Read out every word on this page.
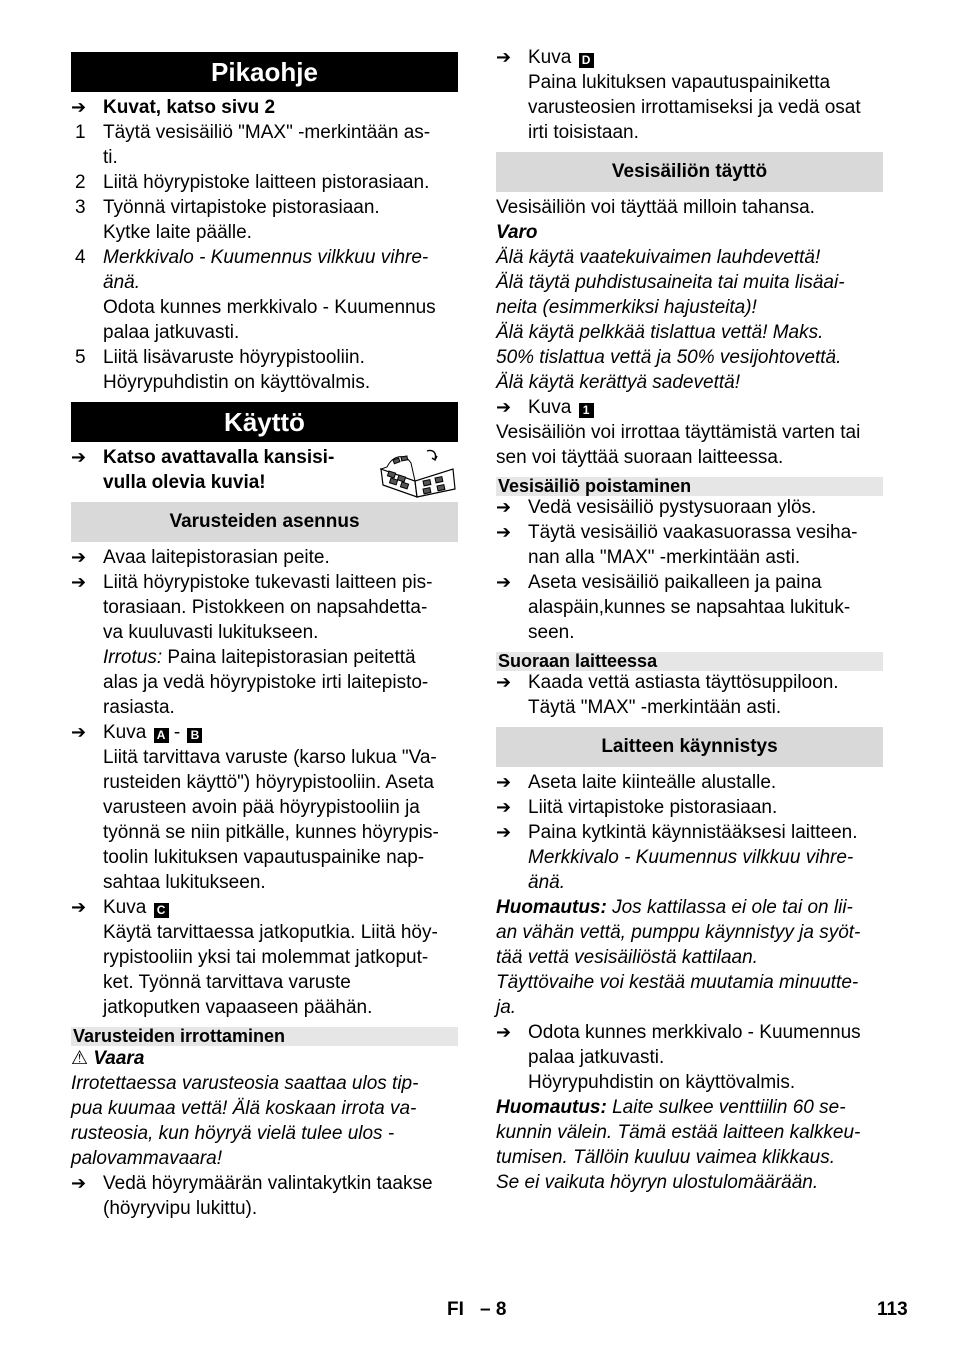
Pikaohje
➔ Kuvat, katso sivu 2
1 Täytä vesisäiliö "MAX" -merkintään as-
ti.
2 Liitä höyrypistoke laitteen pistorasiaan.
3 Työnnä virtapistoke pistorasiaan.
Kytke laite päälle.
4 Merkkivalo - Kuumennus vilkkuu vihre-
änä.
Odota kunnes merkkivalo - Kuumennus
palaa jatkuvasti.
5 Liitä lisävaruste höyrypistooliin.
Höyrypuhdistin on käyttövalmis.
Käyttö
➔ Katso avattavalla kansisi-
vulla olevia kuvia!
Varusteiden asennus
➔ Avaa laitepistorasian peite.
➔ Liitä höyrypistoke tukevasti laitteen pis-
torasiaan. Pistokkeen on napsahdetta-
va kuuluvasti lukitukseen.
Irrotus: Paina laitepistorasian peitettä
alas ja vedä höyrypistoke irti laitepisto-
rasiasta.
➔ Kuva A - B
Liitä tarvittava varuste (karso lukua "Va-
rusteiden käyttö") höyrypistooliin. Aseta
varusteen avoin pää höyrypistooliin ja
työnnä se niin pitkälle, kunnes höyrypis-
toolin lukituksen vapautuspainike nap-
sahtaa lukitukseen.
➔ Kuva C
Käytä tarvittaessa jatkoputkia. Liitä höy-
rypistooliin yksi tai molemmat jatkoput-
ket. Työnnä tarvittava varuste
jatkoputken vapaaseen päähän.
Varusteiden irrottaminen
⚠ Vaara
Irrotettaessa varusteosia saattaa ulos tip-
pua kuumaa vettä! Älä koskaan irrota va-
rusteosia, kun höyryä vielä tulee ulos -
palovammavaara!
➔ Vedä höyrymäärän valintakytkin taakse
(höyryvipu lukittu).
➔ Kuva D
Paina lukituksen vapautuspainiketta
varusteosien irrottamiseksi ja vedä osat
irti toisistaan.
Vesisäiliön täyttö
Vesisäiliön voi täyttää milloin tahansa.
Varo
Älä käytä vaatekuivaimen lauhdevettä!
Älä täytä puhdistusaineita tai muita lisäai-
neita (esimmerkiksi hajusteita)!
Älä käytä pelkkää tislattua vettä! Maks.
50% tislattua vettä ja 50% vesijohtovettä.
Älä käytä kerättyä sadevettä!
➔ Kuva 1
Vesisäiliön voi irrottaa täyttämistä varten tai
sen voi täyttää suoraan laitteessa.
Vesisäiliö poistaminen
➔ Vedä vesisäiliö pystysuoraan ylös.
➔ Täytä vesisäiliö vaakasuorassa vesiha-
nan alla "MAX" -merkintään asti.
➔ Aseta vesisäiliö paikalleen ja paina
alaspäin,kunnes se napsahtaa lukituk-
seen.
Suoraan laitteessa
➔ Kaada vettä astiasta täyttösuppiloon.
Täytä "MAX" -merkintään asti.
Laitteen käynnistys
➔ Aseta laite kiinteälle alustalle.
➔ Liitä virtapistoke pistorasiaan.
➔ Paina kytkintä käynnistääksesi laitteen.
Merkkivalo - Kuumennus vilkkuu vihre-
änä.
Huomautus: Jos kattilassa ei ole tai on lii-
an vähän vettä, pumppu käynnistyy ja syöt-
tää vettä vesisäiliöstä kattilaan.
Täyttövaihe voi kestää muutamia minuutte-
ja.
➔ Odota kunnes merkkivalo - Kuumennus
palaa jatkuvasti.
Höyrypuhdistin on käyttövalmis.
Huomautus: Laite sulkee venttiilin 60 se-
kunnin välein. Tämä estää laitteen kalkkeu-
tumisen. Tällöin kuuluu vaimea klikkaus.
Se ei vaikuta höyryn ulostulomäärään.
FI – 8	113
